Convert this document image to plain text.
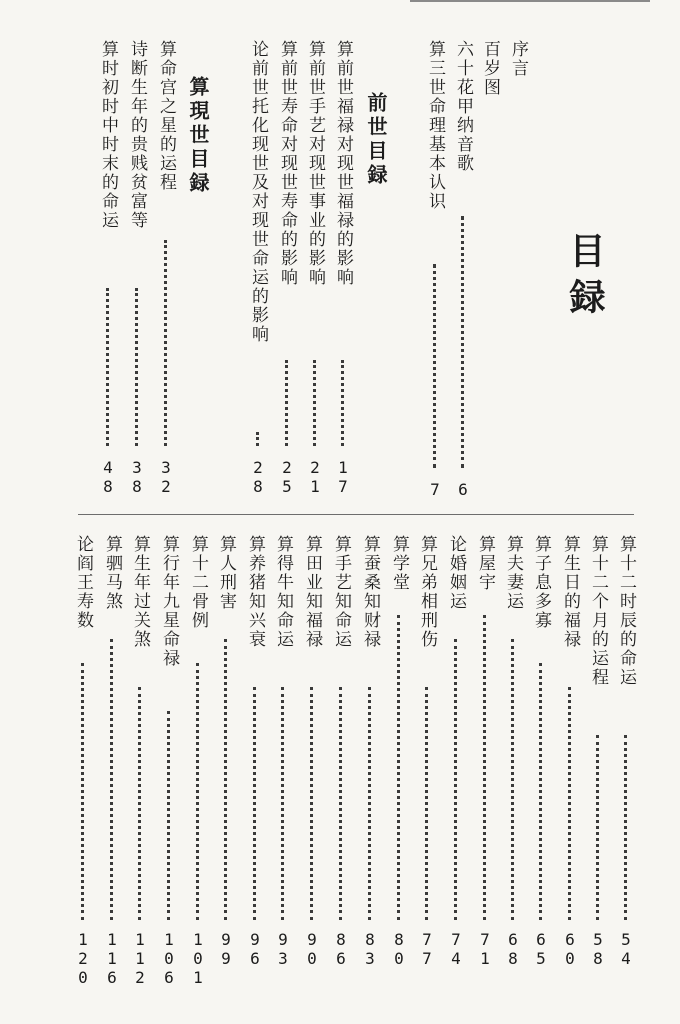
目録
前世目録
算現世目録
序言
百岁图
六十花甲纳音歌
6
算三世命理基本认识
7
算前世福禄对现世福禄的影响
1
7
算前世手艺对现世事业的影响
2
1
算前世寿命对现世寿命的影响
2
5
论前世托化现世及对现世命运的影响
2
8
算命宫之星的运程
3
2
诗断生年的贵贱贫富等
3
8
算时初时中时末的命运
4
8
算十二时辰的命运
5
4
算十二个月的运程
5
8
算生日的福禄
6
0
算子息多寡
6
5
算夫妻运
6
8
算屋宇
7
1
论婚姻运
7
4
算兄弟相刑伤
7
7
算学堂
8
0
算蚕桑知财禄
8
3
算手艺知命运
8
6
算田业知福禄
9
0
算得牛知命运
9
3
算养猪知兴衰
9
6
算人刑害
9
9
算十二骨例
1
0
1
算行年九星命禄
1
0
6
算生年过关煞
1
1
2
算驷马煞
1
1
6
论阎王寿数
1
2
0
